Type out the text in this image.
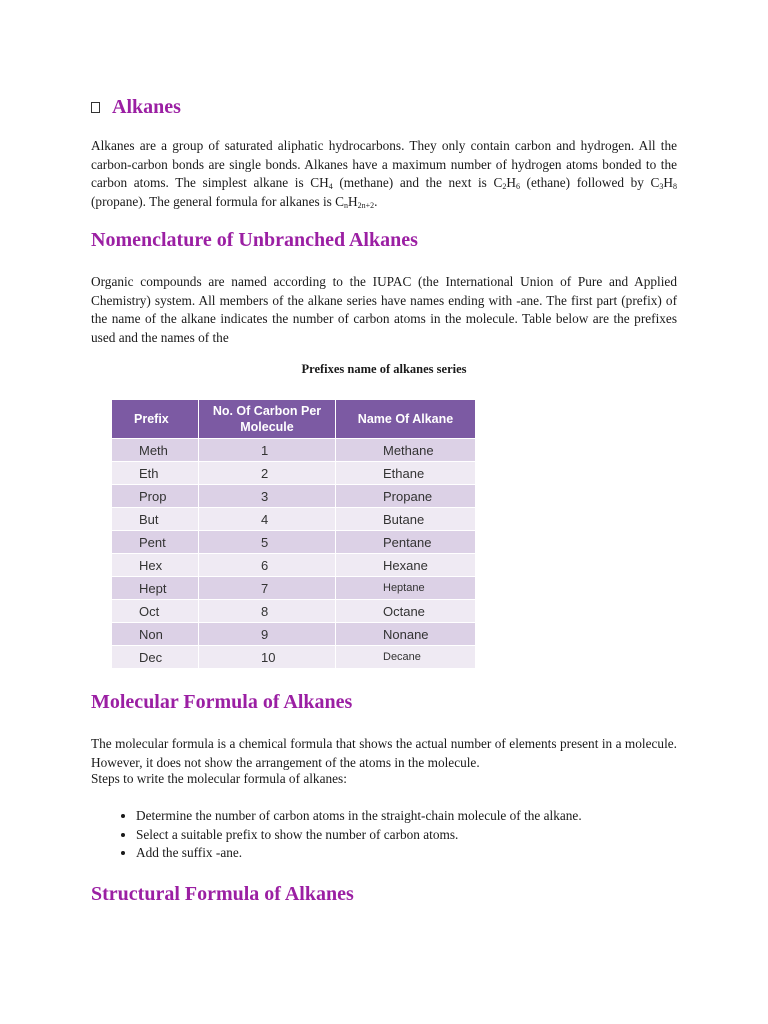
Alkanes

Alkanes are a group of saturated aliphatic hydrocarbons. They only contain carbon and hydrogen. All the carbon-carbon bonds are single bonds. Alkanes have a maximum number of hydrogen atoms bonded to the carbon atoms. The simplest alkane is $CH_4$ (methane) and the next is $C_2H_6$ (ethane) followed by $C_3H_8$ (propane). The general formula for alkanes is $C_nH_{2n+2}$.

Nomenclature of Unbranched Alkanes

Organic compounds are named according to the IUPAC (the International Union of Pure and Applied Chemistry) system. All members of the alkane series have names ending with -ane. The first part (prefix) of the name of the alkane indicates the number of carbon atoms in the molecule. Table below are the prefixes used and the names of the

Prefixes name of alkanes series
Prefix	No. Of Carbon Per Molecule	Name Of Alkane
Meth	1	Methane
Eth	2	Ethane
Prop	3	Propane
But	4	Butane
Pent	5	Pentane
Hex	6	Hexane
Hept	7	Heptane
Oct	8	Octane
Non	9	Nonane
Dec	10	Decane
Molecular Formula of Alkanes

The molecular formula is a chemical formula that shows the actual number of elements present in a molecule. However, it does not show the arrangement of the atoms in the molecule.

Steps to write the molecular formula of alkanes:

• Determine the number of carbon atoms in the straight-chain molecule of the alkane.
• Select a suitable prefix to show the number of carbon atoms.
• Add the suffix -ane.
Structural Formula of Alkanes
